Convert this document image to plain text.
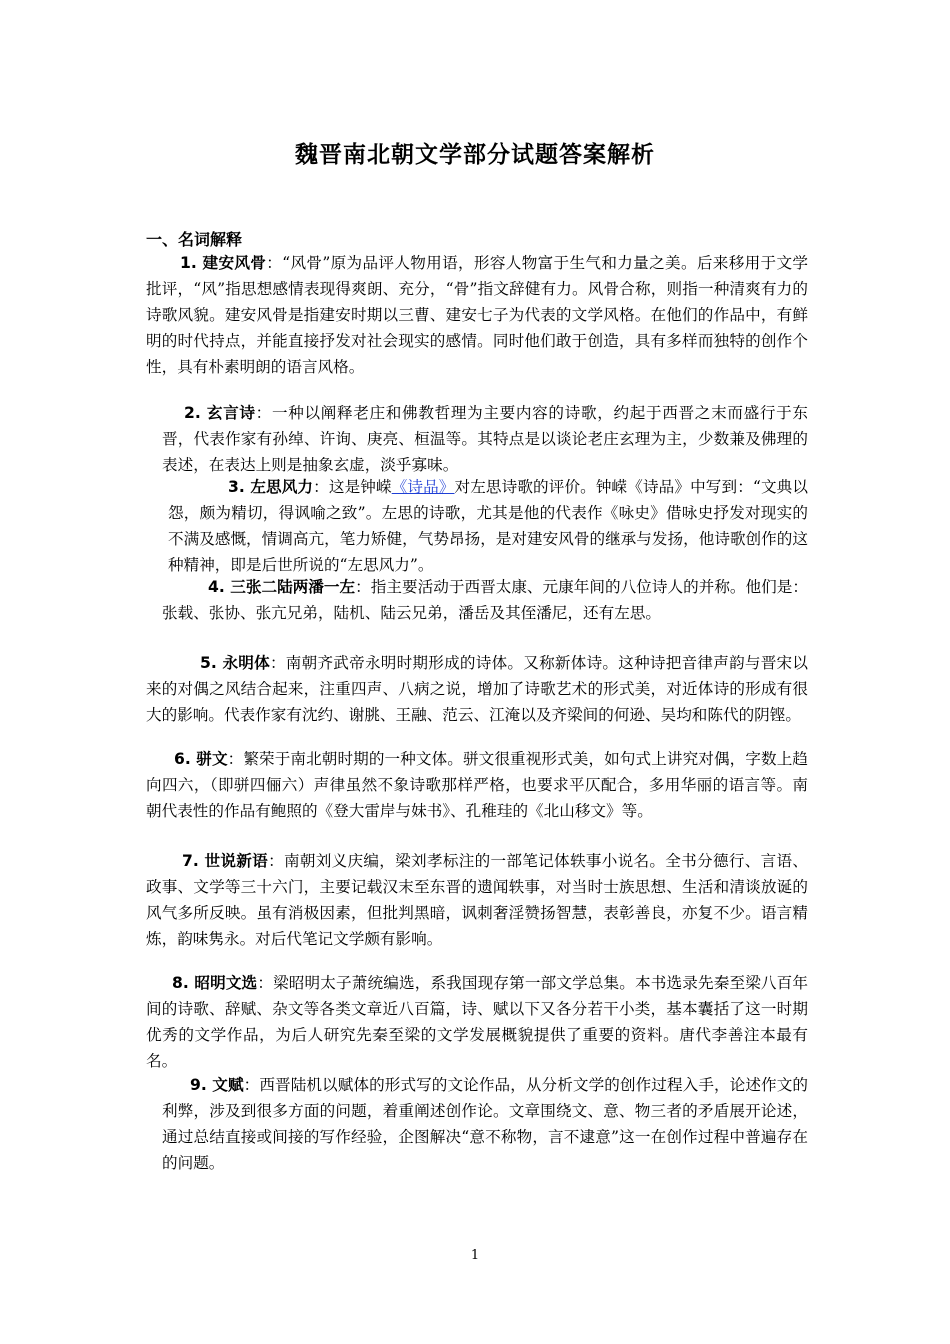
魏晋南北朝文学部分试题答案解析
一、名词解释

1. 建安风骨：“风骨”原为品评人物用语，形容人物富于生气和力量之美。后来移用于文学批评，“风”指思想感情表现得爽朗、充分，“骨”指文辞健有力。风骨合称，则指一种清爽有力的诗歌风貌。建安风骨是指建安时期以三曹、建安七子为代表的文学风格。在他们的作品中，有鲜明的时代持点，并能直接抒发对社会现实的感情。同时他们敢于创造，具有多样而独特的创作个性，具有朴素明朗的语言风格。

2. 玄言诗：一种以阐释老庄和佛教哲理为主要内容的诗歌，约起于西晋之末而盛行于东晋，代表作家有孙绰、许询、庚亮、桓温等。其特点是以谈论老庄玄理为主，少数兼及佛理的表述，在表达上则是抽象玄虚，淡乎寡味。

3. 左思风力：这是钟嵘《诗品》对左思诗歌的评价。钟嵘《诗品》中写到：“文典以怨，颇为精切，得讽喻之致”。左思的诗歌，尤其是他的代表作《咏史》借咏史抒发对现实的不满及感慨，情调高亢，笔力矫健，气势昂扬，是对建安风骨的继承与发扬，他诗歌创作的这种精神，即是后世所说的“左思风力”。

4. 三张二陆两潘一左：指主要活动于西晋太康、元康年间的八位诗人的并称。他们是：张载、张协、张亢兄弟，陆机、陆云兄弟，潘岳及其侄潘尼，还有左思。

5. 永明体：南朝齐武帝永明时期形成的诗体。又称新体诗。这种诗把音律声韵与晋宋以来的对偶之风结合起来，注重四声、八病之说，增加了诗歌艺术的形式美，对近体诗的形成有很大的影响。代表作家有沈约、谢朓、王融、范云、江淹以及齐梁间的何逊、吴均和陈代的阴铿。

6. 骈文：繁荣于南北朝时期的一种文体。骈文很重视形式美，如句式上讲究对偶，字数上趋向四六，（即骈四俪六）声律虽然不象诗歌那样严格，也要求平仄配合，多用华丽的语言等。南朝代表性的作品有鲍照的《登大雷岸与妹书》、孔稚珪的《北山移文》等。

7. 世说新语：南朝刘义庆编，梁刘孝标注的一部笔记体轶事小说名。全书分德行、言语、政事、文学等三十六门，主要记载汉末至东晋的遗闻轶事，对当时士族思想、生活和清谈放诞的风气多所反映。虽有消极因素，但批判黑暗，讽刺奢淫赞扬智慧，表彰善良，亦复不少。语言精炼，韵味隽永。对后代笔记文学颇有影响。

8. 昭明文选：梁昭明太子萧统编选，系我国现存第一部文学总集。本书选录先秦至梁八百年间的诗歌、辞赋、杂文等各类文章近八百篇，诗、赋以下又各分若干小类，基本囊括了这一时期优秀的文学作品，为后人研究先秦至梁的文学发展概貌提供了重要的资料。唐代李善注本最有名。

9. 文赋：西晋陆机以赋体的形式写的文论作品，从分析文学的创作过程入手，论述作文的利弊，涉及到很多方面的问题，着重阐述创作论。文章围绕文、意、物三者的矛盾展开论述，通过总结直接或间接的写作经验，企图解决“意不称物，言不逮意”这一在创作过程中普遍存在的问题。

1
